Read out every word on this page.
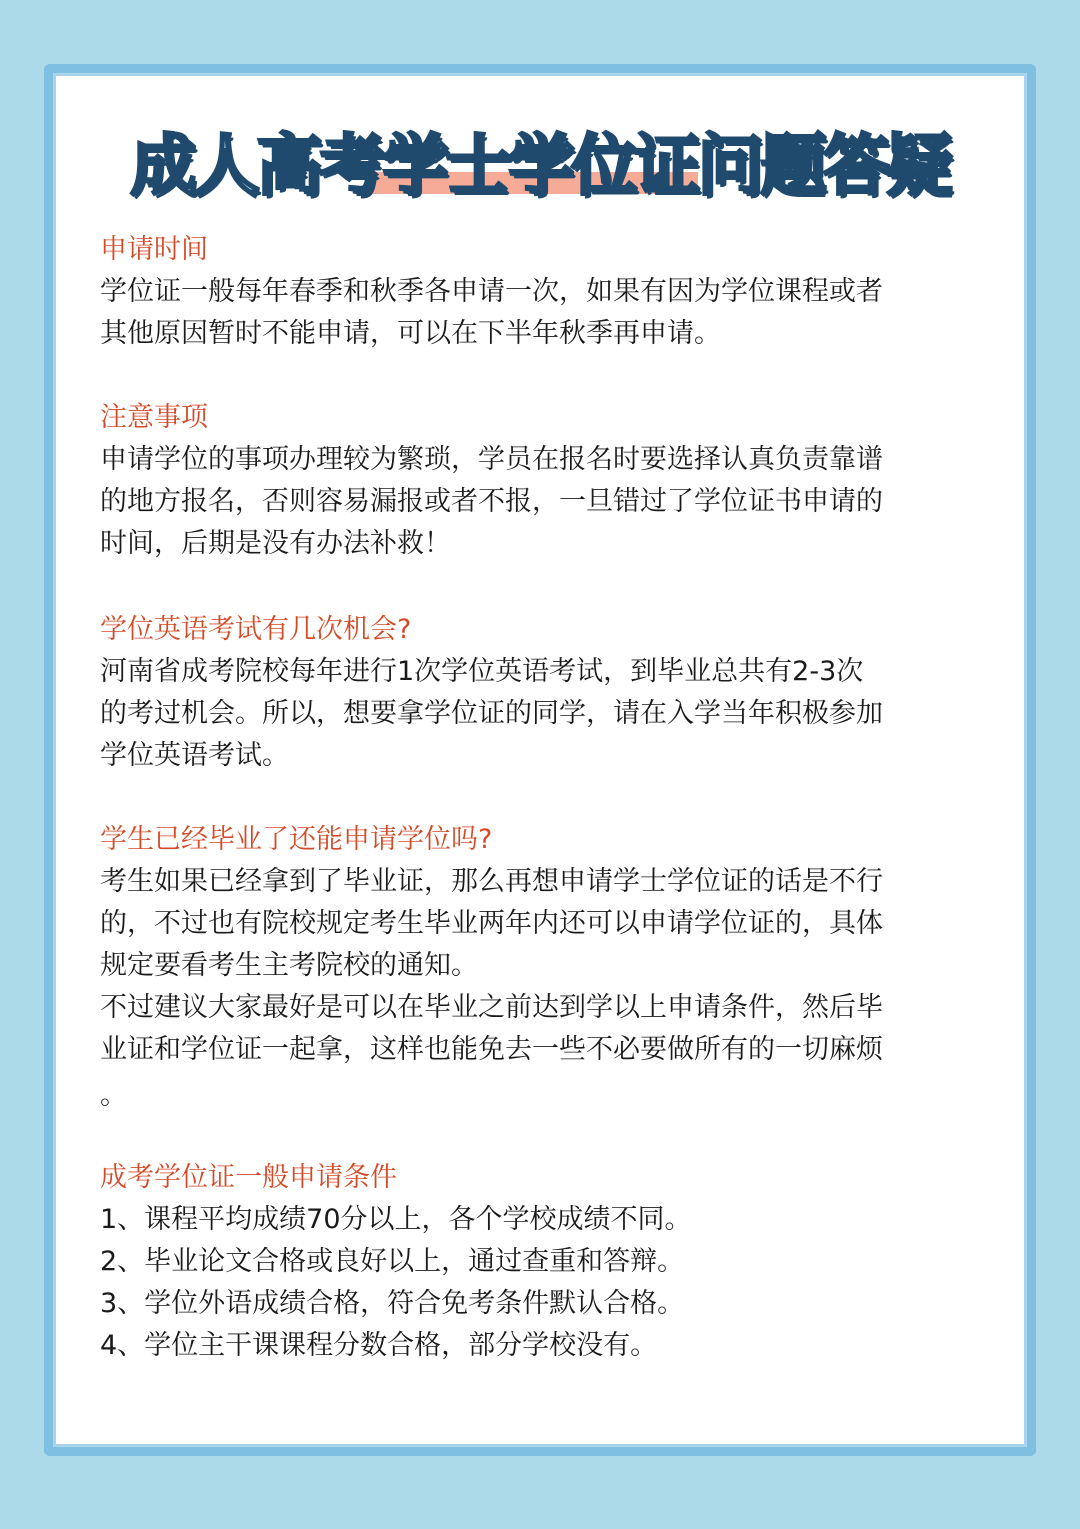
成人高考学士学位证问题答疑
申请时间
学位证一般每年春季和秋季各申请一次，如果有因为学位课程或者
其他原因暂时不能申请，可以在下半年秋季再申请。
注意事项
申请学位的事项办理较为繁琐，学员在报名时要选择认真负责靠谱
的地方报名，否则容易漏报或者不报，一旦错过了学位证书申请的
时间，后期是没有办法补救！
学位英语考试有几次机会?
河南省成考院校每年进行1次学位英语考试，到毕业总共有2-3次
的考过机会。所以，想要拿学位证的同学，请在入学当年积极参加
学位英语考试。
学生已经毕业了还能申请学位吗?
考生如果已经拿到了毕业证，那么再想申请学士学位证的话是不行
的，不过也有院校规定考生毕业两年内还可以申请学位证的，具体
规定要看考生主考院校的通知。
不过建议大家最好是可以在毕业之前达到学以上申请条件，然后毕
业证和学位证一起拿，这样也能免去一些不必要做所有的一切麻烦
。
成考学位证一般申请条件
1、课程平均成绩70分以上，各个学校成绩不同。
2、毕业论文合格或良好以上，通过查重和答辩。
3、学位外语成绩合格，符合免考条件默认合格。
4、学位主干课课程分数合格，部分学校没有。
